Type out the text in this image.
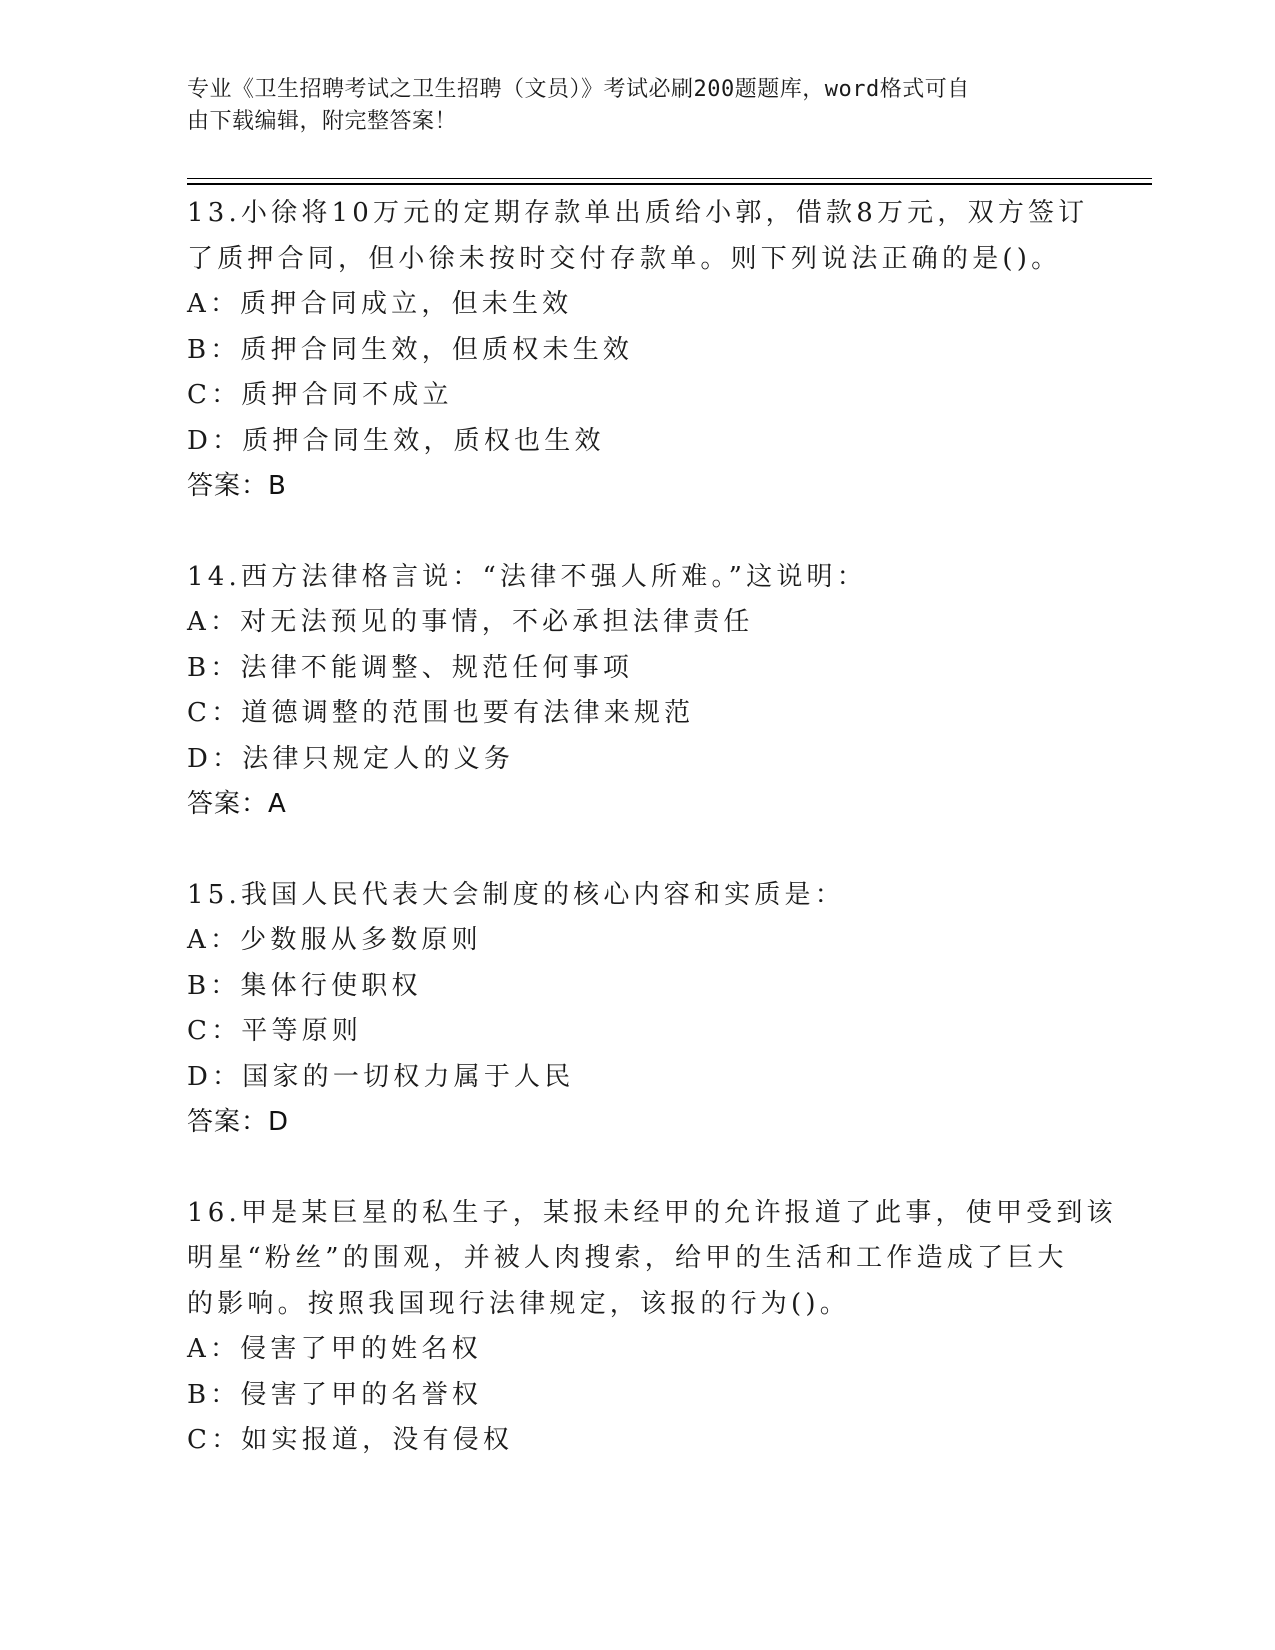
专业《卫生招聘考试之卫生招聘（文员）》考试必刷200题题库，word格式可自
由下载编辑，附完整答案！
13.小徐将10万元的定期存款单出质给小郭，借款8万元，双方签订
了质押合同，但小徐未按时交付存款单。则下列说法正确的是()。
A：质押合同成立，但未生效
B：质押合同生效，但质权未生效
C：质押合同不成立
D：质押合同生效，质权也生效
答案：B
14.西方法律格言说：“法律不强人所难。”这说明：
A：对无法预见的事情，不必承担法律责任
B：法律不能调整、规范任何事项
C：道德调整的范围也要有法律来规范
D：法律只规定人的义务
答案：A
15.我国人民代表大会制度的核心内容和实质是：
A：少数服从多数原则
B：集体行使职权
C：平等原则
D：国家的一切权力属于人民
答案：D
16.甲是某巨星的私生子，某报未经甲的允许报道了此事，使甲受到该
明星“粉丝”的围观，并被人肉搜索，给甲的生活和工作造成了巨大
的影响。按照我国现行法律规定，该报的行为()。
A：侵害了甲的姓名权
B：侵害了甲的名誉权
C：如实报道，没有侵权
